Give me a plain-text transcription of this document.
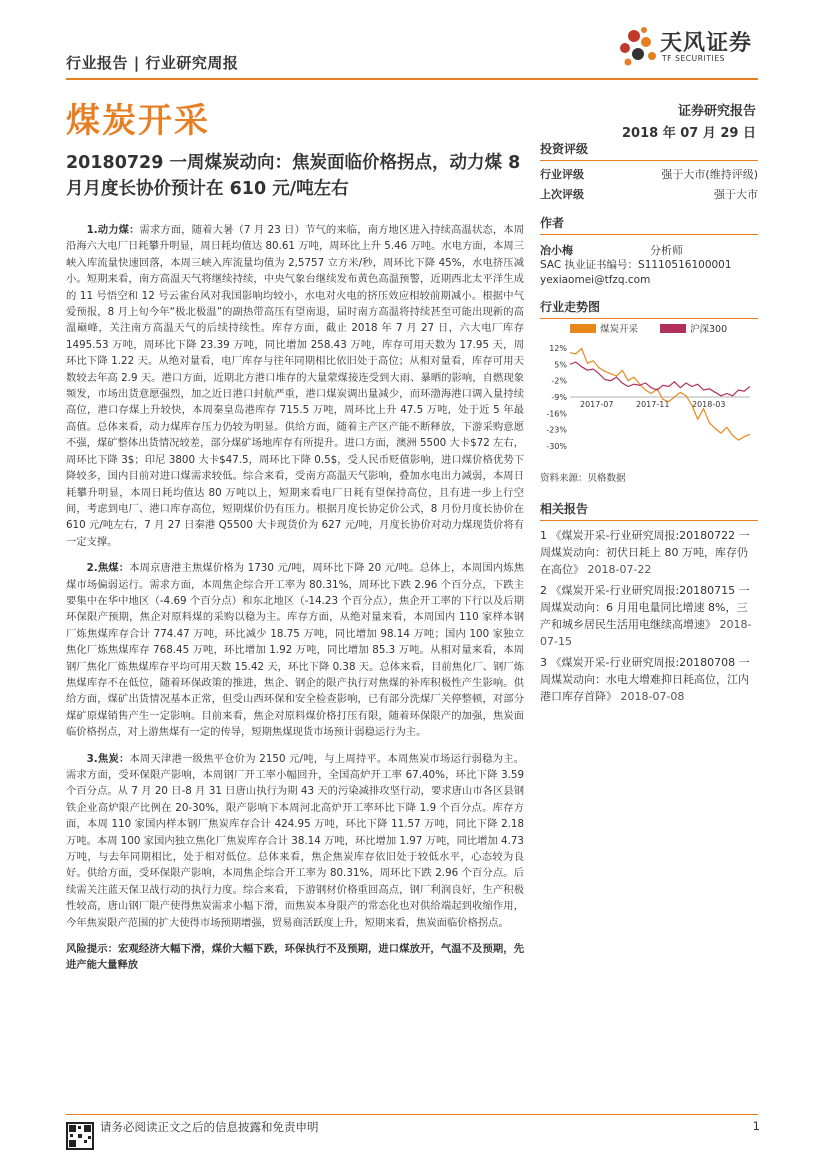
行业报告 | 行业研究周报
天风证券
TF SECURITIES
煤炭开采	证券研究报告
2018 年 07 月 29 日
20180729 一周煤炭动向：焦炭面临价格拐点，动力煤 8 月月度长协价预计在 610 元/吨左右

1.动力煤：需求方面，随着大暑（7 月 23 日）节气的来临，南方地区进入持续高温状态，本周沿海六大电厂日耗攀升明显，周日耗均值达 80.61 万吨，周环比上升 5.46 万吨。水电方面，本周三峡入库流量快速回落，本周三峡入库流量均值为 2,5757 立方米/秒，周环比下降 45%，水电挤压减小。短期来看，南方高温天气将继续持续，中央气象台继续发布黄色高温预警，近期西北太平洋生成的 11 号悟空和 12 号云雀台风对我国影响均较小，水电对火电的挤压效应相较前期减小。根据中气爱预报，8 月上旬今年“极北极温”的副热带高压有望南退，届时南方高温将持续甚至可能出现新的高温巅峰，关注南方高温天气的后续持续性。库存方面，截止 2018 年 7 月 27 日，六大电厂库存 1495.53 万吨，周环比下降 23.39 万吨，同比增加 258.43 万吨，库存可用天数为 17.95 天，周环比下降 1.22 天。从绝对量看，电厂库存与往年同期相比依旧处于高位；从相对量看，库存可用天数较去年高 2.9 天。港口方面，近期北方港口堆存的大量蒙煤接连受到大雨、暴晒的影响，自燃现象频发，市场出货意愿强烈，加之近日港口封航严重，港口煤炭调出量减少，而环渤海港口调入量持续高位，港口存煤上升较快，本周秦皇岛港库存 715.5 万吨，周环比上升 47.5 万吨，处于近 5 年最高值。总体来看，动力煤库存压力仍较为明显。供给方面，随着主产区产能不断释放，下游采购意愿不强，煤矿整体出货情况较差，部分煤矿场地库存有所提升。进口方面，澳洲 5500 大卡$72 左右，周环比下降 3$；印尼 3800 大卡$47.5，周环比下降 0.5$，受人民币贬值影响，进口煤价格优势下降较多，国内目前对进口煤需求较低。综合来看，受南方高温天气影响，叠加水电出力减弱，本周日耗攀升明显，本周日耗均值达 80 万吨以上，短期来看电厂日耗有望保持高位，且有进一步上行空间，考虑到电厂、港口库存高位，短期煤价仍有压力。根据月度长协定价公式，8 月份月度长协价在 610 元/吨左右，7 月 27 日秦港 Q5500 大卡现货价为 627 元/吨，月度长协价对动力煤现货价将有一定支撑。

2.焦煤：本周京唐港主焦煤价格为 1730 元/吨，周环比下降 20 元/吨。总体上，本周国内炼焦煤市场偏弱运行。需求方面，本周焦企综合开工率为 80.31%，周环比下跌 2.96 个百分点，下跌主要集中在华中地区（-4.69 个百分点）和东北地区（-14.23 个百分点），焦企开工率的下行以及后期环保限产预期，焦企对原料煤的采购以稳为主。库存方面，从绝对量来看，本周国内 110 家样本钢厂炼焦煤库存合计 774.47 万吨，环比减少 18.75 万吨，同比增加 98.14 万吨；国内 100 家独立焦化厂炼焦煤库存 768.45 万吨，环比增加 1.92 万吨，同比增加 85.3 万吨。从相对量来看，本周钢厂焦化厂炼焦煤库存平均可用天数 15.42 天，环比下降 0.38 天。总体来看，目前焦化厂、钢厂炼焦煤库存不在低位，随着环保政策的推进，焦企、钢企的限产执行对焦煤的补库积极性产生影响。供给方面，煤矿出货情况基本正常，但受山西环保和安全检查影响，已有部分洗煤厂关停整顿，对部分煤矿原煤销售产生一定影响。目前来看，焦企对原料煤价格打压有限，随着环保限产的加强，焦炭面临价格拐点，对上游焦煤有一定的传导，短期焦煤现货市场预计弱稳运行为主。

3.焦炭：本周天津港一级焦平仓价为 2150 元/吨，与上周持平。本周焦炭市场运行弱稳为主。需求方面，受环保限产影响，本周钢厂开工率小幅回升，全国高炉开工率 67.40%，环比下降 3.59 个百分点。从 7 月 20 日-8 月 31 日唐山执行为期 43 天的污染减排攻坚行动，要求唐山市各区县钢铁企业高炉限产比例在 20-30%，限产影响下本周河北高炉开工率环比下降 1.9 个百分点。库存方面，本周 110 家国内样本钢厂焦炭库存合计 424.95 万吨，环比下降 11.57 万吨，同比下降 2.18 万吨。本周 100 家国内独立焦化厂焦炭库存合计 38.14 万吨，环比增加 1.97 万吨，同比增加 4.73 万吨，与去年同期相比，处于相对低位。总体来看，焦企焦炭库存依旧处于较低水平，心态较为良好。供给方面，受环保限产影响，本周焦企综合开工率为 80.31%，周环比下跌 2.96 个百分点。后续需关注蓝天保卫战行动的执行力度。综合来看，下游钢材价格重回高点，钢厂利润良好，生产积极性较高，唐山钢厂限产使得焦炭需求小幅下滑，而焦炭本身限产的常态化也对供给端起到收缩作用，今年焦炭限产范围的扩大使得市场预期增强，贸易商活跃度上升，短期来看，焦炭面临价格拐点。

风险提示：宏观经济大幅下滑，煤价大幅下跌，环保执行不及预期，进口煤放开，气温不及预期，先进产能大量释放

投资评级
行业评级	强于大市(维持评级)
上次评级	强于大市
作者
冶小梅	分析师
SAC 执业证书编号：S1110516100001
yexiaomei@tfzq.com
行业走势图
煤炭开采	沪深300
12%
5%
-2%
-9%
-16%
-23%
-30%
2017-07	2017-11	2018-03
资料来源：贝格数据
相关报告
1 《煤炭开采-行业研究周报:20180722 一周煤炭动向：初伏日耗上 80 万吨，库存仍在高位》 2018-07-22
2 《煤炭开采-行业研究周报:20180715 一周煤炭动向：6 月用电量同比增速 8%，三产和城乡居民生活用电继续高增速》 2018-07-15
3 《煤炭开采-行业研究周报:20180708 一周煤炭动向：水电大增难抑日耗高位，江内港口库存首降》 2018-07-08
请务必阅读正文之后的信息披露和免责申明	1
